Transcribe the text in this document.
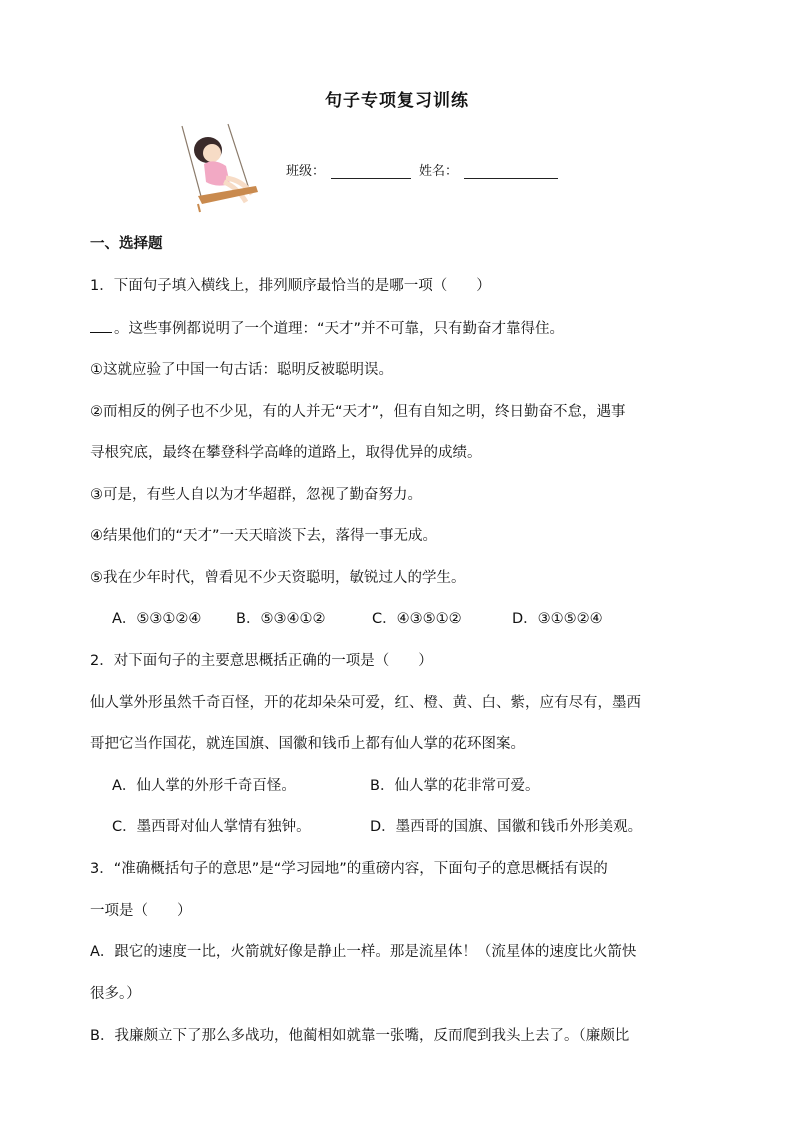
句子专项复习训练
班级：	姓名：
一、选择题
1．下面句子填入横线上，排列顺序最恰当的是哪一项（　　）
。这些事例都说明了一个道理：“天才”并不可靠，只有勤奋才靠得住。
①这就应验了中国一句古话：聪明反被聪明误。
②而相反的例子也不少见，有的人并无“天才”，但有自知之明，终日勤奋不怠，遇事
寻根究底，最终在攀登科学高峰的道路上，取得优异的成绩。
③可是，有些人自以为才华超群，忽视了勤奋努力。
④结果他们的“天才”一天天暗淡下去，落得一事无成。
⑤我在少年时代，曾看见不少天资聪明，敏锐过人的学生。
A．⑤③①②④ B．⑤③④①②	C．④③⑤①②	D．③①⑤②④
2．对下面句子的主要意思概括正确的一项是（　　）
仙人掌外形虽然千奇百怪，开的花却朵朵可爱，红、橙、黄、白、紫，应有尽有，墨西
哥把它当作国花，就连国旗、国徽和钱币上都有仙人掌的花环图案。
A．仙人掌的外形千奇百怪。	B．仙人掌的花非常可爱。
C．墨西哥对仙人掌情有独钟。	D．墨西哥的国旗、国徽和钱币外形美观。
3．“准确概括句子的意思”是“学习园地”的重磅内容，下面句子的意思概括有误的
一项是（　　）
A．跟它的速度一比，火箭就好像是静止一样。那是流星体！（流星体的速度比火箭快
很多。）
B．我廉颇立下了那么多战功，他蔺相如就靠一张嘴，反而爬到我头上去了。（廉颇比
